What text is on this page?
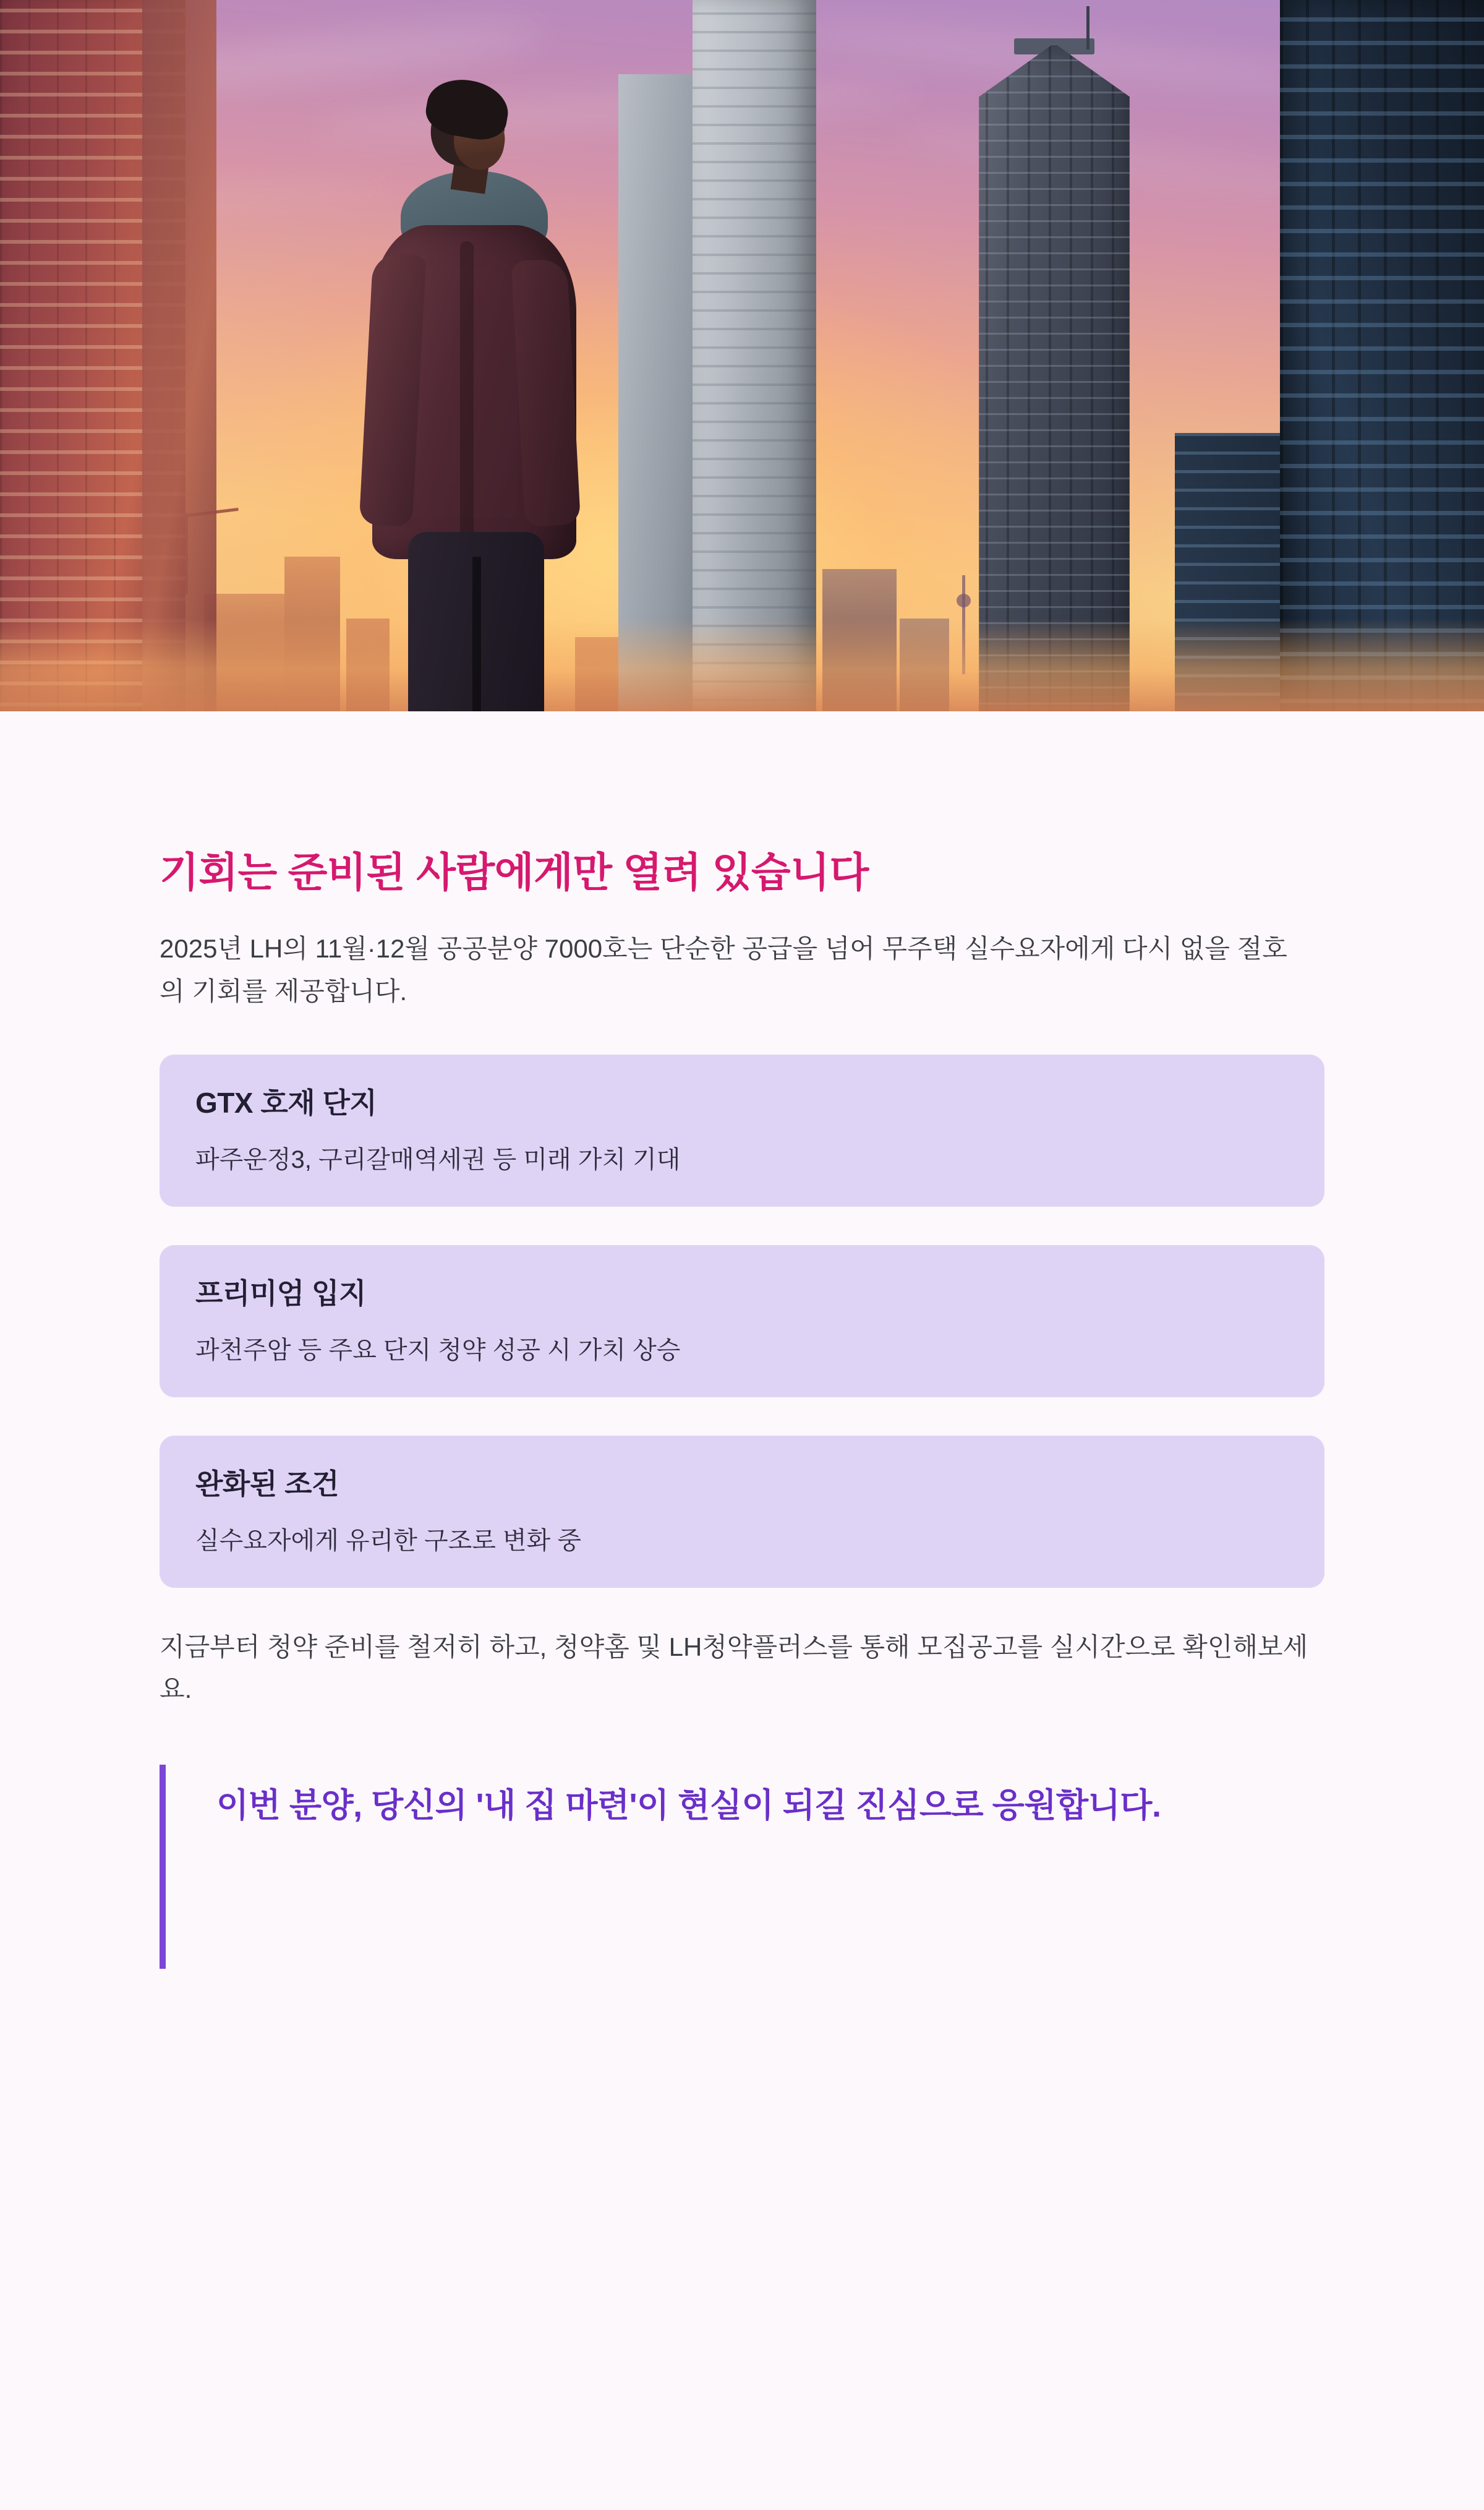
기회는 준비된 사람에게만 열려 있습니다

2025년 LH의 11월·12월 공공분양 7000호는 단순한 공급을 넘어 무주택 실수요자에게 다시 없을 절호의 기회를 제공합니다.

GTX 호재 단지

파주운정3, 구리갈매역세권 등 미래 가치 기대

프리미엄 입지

과천주암 등 주요 단지 청약 성공 시 가치 상승

완화된 조건

실수요자에게 유리한 구조로 변화 중

지금부터 청약 준비를 철저히 하고, 청약홈 및 LH청약플러스를 통해 모집공고를 실시간으로 확인해보세요.

이번 분양, 당신의 '내 집 마련'이 현실이 되길 진심으로 응원합니다.
